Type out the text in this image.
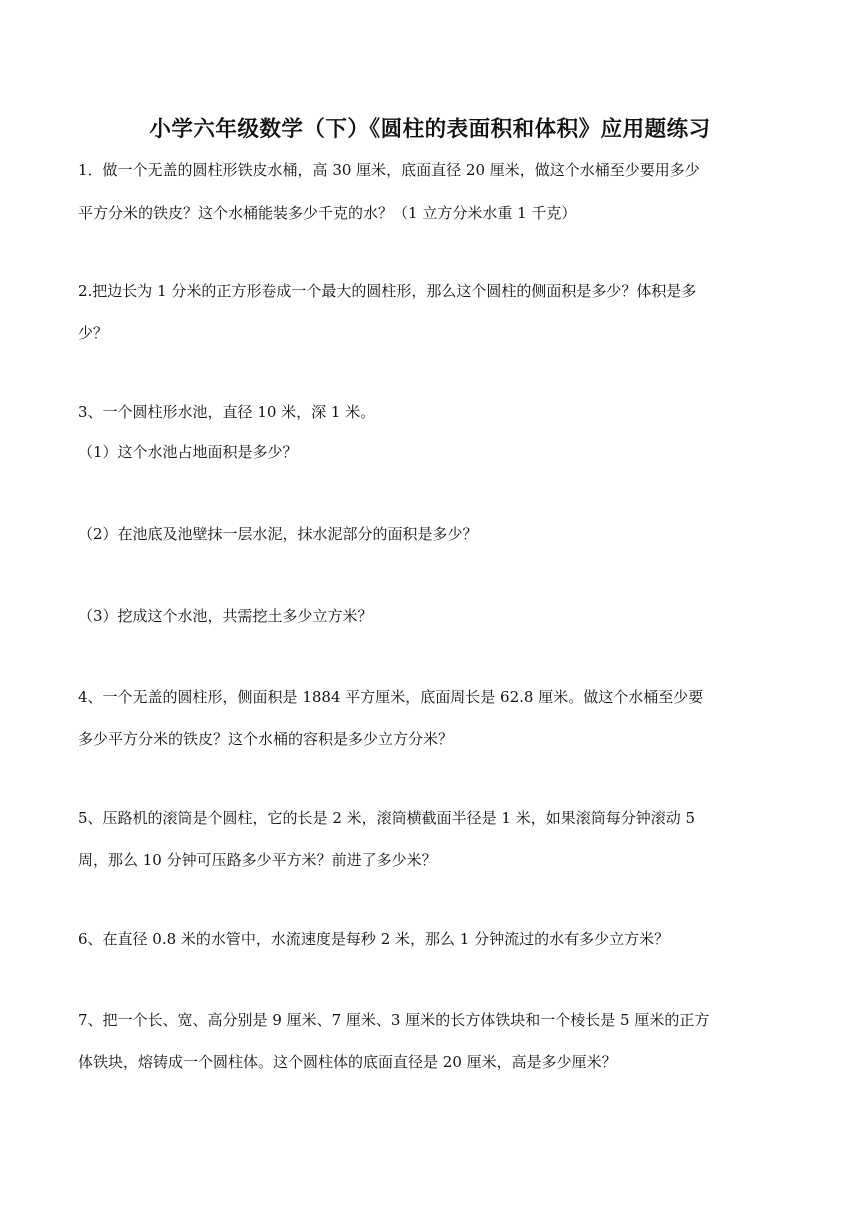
小学六年级数学（下）《圆柱的表面积和体积》应用题练习
1．做一个无盖的圆柱形铁皮水桶，高 30 厘米，底面直径 20 厘米，做这个水桶至少要用多少
平方分米的铁皮？这个水桶能装多少千克的水？（1 立方分米水重 1 千克）
2.把边长为 1 分米的正方形卷成一个最大的圆柱形，那么这个圆柱的侧面积是多少？体积是多
少？
3、一个圆柱形水池，直径 10 米，深 1 米。
（1）这个水池占地面积是多少？
（2）在池底及池壁抹一层水泥，抹水泥部分的面积是多少？
（3）挖成这个水池，共需挖土多少立方米？
4、一个无盖的圆柱形，侧面积是 1884 平方厘米，底面周长是 62.8 厘米。做这个水桶至少要
多少平方分米的铁皮？这个水桶的容积是多少立方分米？
5、压路机的滚筒是个圆柱，它的长是 2 米，滚筒横截面半径是 1 米，如果滚筒每分钟滚动 5
周，那么 10 分钟可压路多少平方米？前进了多少米？
6、在直径 0.8 米的水管中，水流速度是每秒 2 米，那么 1 分钟流过的水有多少立方米？
7、把一个长、宽、高分别是 9 厘米、7 厘米、3 厘米的长方体铁块和一个棱长是 5 厘米的正方
体铁块，熔铸成一个圆柱体。这个圆柱体的底面直径是 20 厘米，高是多少厘米？
